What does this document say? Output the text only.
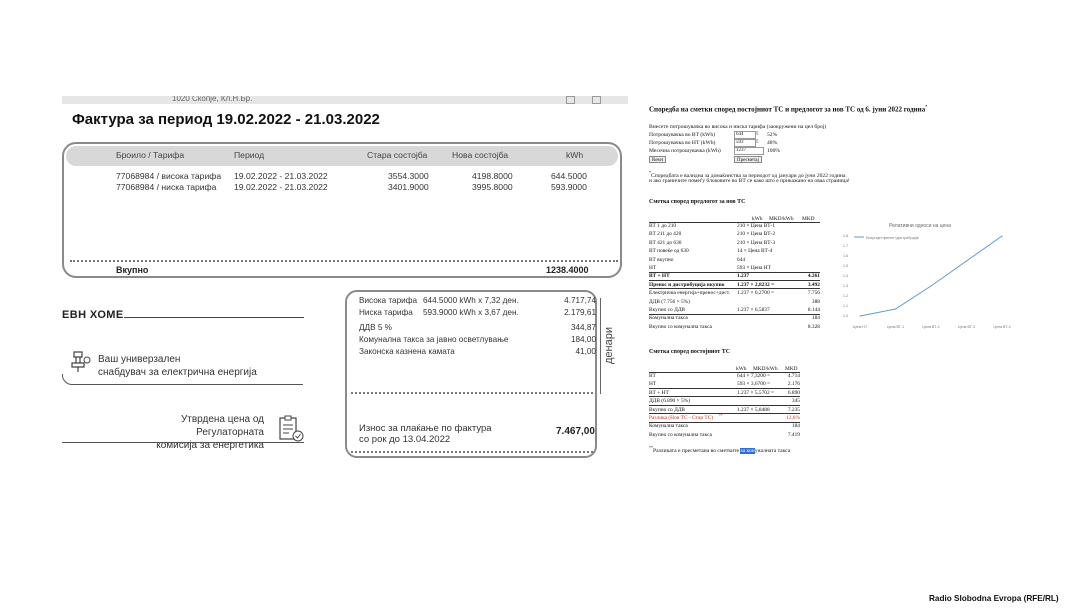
1020 Скопје, Кл.Н.Бр.
Фактура за период 19.02.2022 - 21.03.2022
Броило / Тарифа	Период	Стара состојба	Нова состојба	kWh
77068984 / висока тарифа 19.02.2022 - 21.03.2022	3554.3000	4198.8000	644.5000
77068984 / ниска тарифа 19.02.2022 - 21.03.2022	3401.9000	3995.8000	593.9000
Вкупно	1238.4000
ЕВН ХОМЕ
Ваш универзален
снабдувач за електрична енергија
Утврдена цена од Регулаторната
комисија за енергетика
Висока тарифа 644.5000 kWh x 7,32 ден.	4.717,74
Ниска тарифа 593.9000 kWh x 3,67 ден.	2.179,61
ДДВ 5 %	344,87
Комунална такса за јавно осветлување	184,00
Законска казнена камата	41,00 денари
Износ за плаќање по фактура
со рок до 13.04.2022
7.467,00
Споредба на сметки според постојниот ТС и предлогот за нов ТС од 6. јуни 2022 година*
Внесете потрошувачка во висока и ниска тарифа (заокружени на цел број)
Потрошувачка во ВТ (kWh)
644	⇕ 52%
Потрошувачка во НТ (kWh)
593	⇕ 48%
Месечна потрошувачка (kWh)
1237	100%
Reset	Пресметај
*Споредбата е валидна за домаќинства за периодот од јануари до јуни 2022 година
и ако граничите помеѓу блоковите во ВТ се како што е прикажано на оваа страница!
Сметка според предлогот за нов ТС
kWh MKD/kWh MKD
ВТ 1 до 210	210 × Цена ВТ-1
ВТ 211 до 420	210 × Цена ВТ-2
ВТ 421 до 630	210 × Цена ВТ-3
ВТ повеќе од 630	14 × Цена ВТ-4
ВТ вкупно	644
НТ	593 × Цена НТ
ВТ + НТ	1.237	4.261
Пренос и дистрибуција вкупно 1.237 × 2,8232 =	3.492
Електрична енергија+пренос+дист. 1.237 × 6,2700 =	7.756
ДДВ (7.756 × 5%)	388
Вкупно со ДДВ	1.237 × 6,5837	8.144
Комунална такса	184
Вкупно со комунална такса	8.328
Сметка според постојниот ТС
kWh MKD/kWh MKD
ВТ	644 × 7,3200 =	4.714
НТ	593 × 3,6700 =	2.176
ВТ + НТ	1.237 × 5,5702 =	6.890
ДДВ (6.890 × 5%)	345
Вкупно со ДДВ	1.237 × 5,8488	7.235
Разлика (Нов ТС - Стар ТС)	12,6%
**
Комунална такса	184
Вкупно со комунална такса	7.419
**Разликата е пресметана во сметките за конуналната такса
Релативни односи на цена
Енергија+пренос+дистрибуција
1.8
1.7
1.6
1.5
1.4
1.3
1.2
1.1
1.0
Цена НТ	Цена ВТ-1	Цена ВТ-2	Цена ВТ-3	Цена ВТ-4
Radio Slobodna Evropa (RFE/RL)
